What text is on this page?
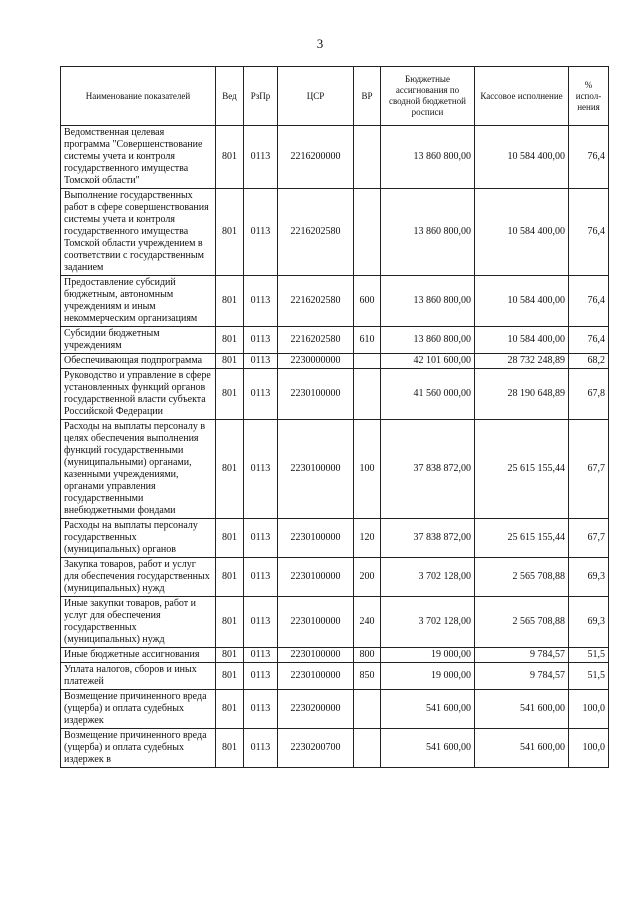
3
Наименование показателей	Вед	РзПр	ЦСР	ВР	Бюджетные ассигнования по сводной бюджетной росписи	Кассовое исполнение	% испол-нения
Ведомственная целевая программа "Совершенствование системы учета и контроля государственного имущества Томской области"	801	0113	2216200000		13 860 800,00	10 584 400,00	76,4
Выполнение государственных работ в сфере совершенствования системы учета и контроля государственного имущества Томской области учреждением в соответствии с государственным заданием	801	0113	2216202580		13 860 800,00	10 584 400,00	76,4
Предоставление субсидий бюджетным, автономным учреждениям и иным некоммерческим организациям	801	0113	2216202580	600	13 860 800,00	10 584 400,00	76,4
Субсидии бюджетным учреждениям	801	0113	2216202580	610	13 860 800,00	10 584 400,00	76,4
Обеспечивающая подпрограмма	801	0113	2230000000		42 101 600,00	28 732 248,89	68,2
Руководство и управление в сфере установленных функций органов государственной власти субъекта Российской Федерации	801	0113	2230100000		41 560 000,00	28 190 648,89	67,8
Расходы на выплаты персоналу в целях обеспечения выполнения функций государственными (муниципальными) органами, казенными учреждениями, органами управления государственными внебюджетными фондами	801	0113	2230100000	100	37 838 872,00	25 615 155,44	67,7
Расходы на выплаты персоналу государственных (муниципальных) органов	801	0113	2230100000	120	37 838 872,00	25 615 155,44	67,7
Закупка товаров, работ и услуг для обеспечения государственных (муниципальных) нужд	801	0113	2230100000	200	3 702 128,00	2 565 708,88	69,3
Иные закупки товаров, работ и услуг для обеспечения государственных (муниципальных) нужд	801	0113	2230100000	240	3 702 128,00	2 565 708,88	69,3
Иные бюджетные ассигнования	801	0113	2230100000	800	19 000,00	9 784,57	51,5
Уплата налогов, сборов и иных платежей	801	0113	2230100000	850	19 000,00	9 784,57	51,5
Возмещение причиненного вреда (ущерба) и оплата судебных издержек	801	0113	2230200000		541 600,00	541 600,00	100,0
Возмещение причиненного вреда (ущерба) и оплата судебных издержек в	801	0113	2230200700		541 600,00	541 600,00	100,0
